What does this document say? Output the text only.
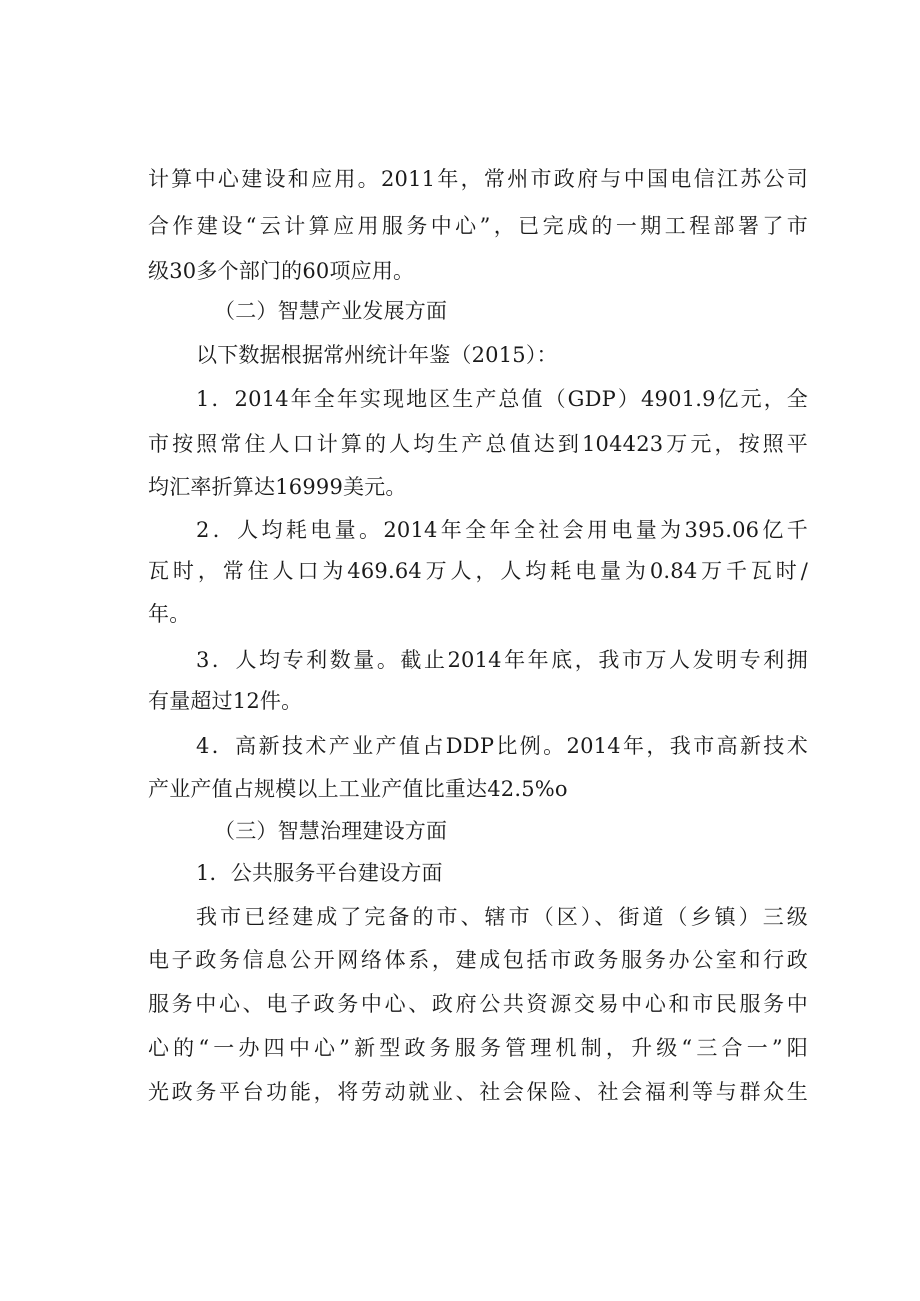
计算中心建设和应用。2011年，常州市政府与中国电信江苏公司
合作建设“云计算应用服务中心”，已完成的一期工程部署了市
级30多个部门的60项应用。
（二）智慧产业发展方面
以下数据根据常州统计年鉴（2015）：
1．2014年全年实现地区生产总值（GDP）4901.9亿元，全
市按照常住人口计算的人均生产总值达到104423万元，按照平
均汇率折算达16999美元。
2．人均耗电量。2014年全年全社会用电量为395.06亿千
瓦时，常住人口为469.64万人，人均耗电量为0.84万千瓦时/
年。
3．人均专利数量。截止2014年年底，我市万人发明专利拥
有量超过12件。
4．高新技术产业产值占DDP比例。2014年，我市高新技术
产业产值占规模以上工业产值比重达42.5%o
（三）智慧治理建设方面
1．公共服务平台建设方面
我市已经建成了完备的市、辖市（区）、街道（乡镇）三级
电子政务信息公开网络体系，建成包括市政务服务办公室和行政
服务中心、电子政务中心、政府公共资源交易中心和市民服务中
心的“一办四中心”新型政务服务管理机制，升级“三合一”阳
光政务平台功能，将劳动就业、社会保险、社会福利等与群众生
